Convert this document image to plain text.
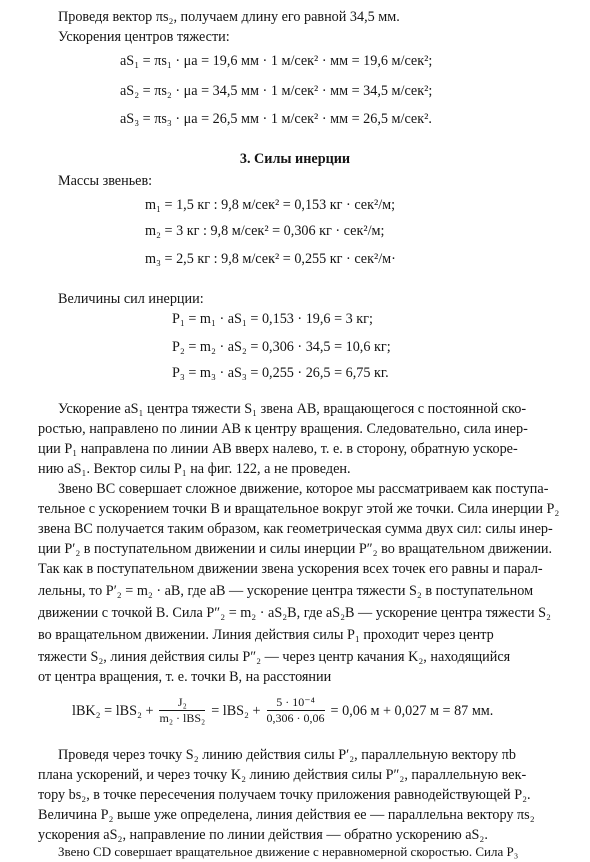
Проведя вектор πs₂, получаем длину его равной 34,5 мм.
Ускорения центров тяжести:
aS₁ = πs₁ · μa = 19,6 мм · 1 м/сек² · мм = 19,6 м/сек²;
aS₂ = πs₂ · μa = 34,5 мм · 1 м/сек² · мм = 34,5 м/сек²;
aS₃ = πs₃ · μa = 26,5 мм · 1 м/сек² · мм = 26,5 м/сек².
3. Силы инерции
Массы звеньев:
m₁ = 1,5 кг : 9,8 м/сек² = 0,153 кг · сек²/м;
m₂ = 3 кг : 9,8 м/сек² = 0,306 кг · сек²/м;
m₃ = 2,5 кг : 9,8 м/сек² = 0,255 кг · сек²/м·
Величины сил инерции:
P₁ = m₁ · aS₁ = 0,153 · 19,6 = 3 кг;
P₂ = m₂ · aS₂ = 0,306 · 34,5 = 10,6 кг;
P₃ = m₃ · aS₃ = 0,255 · 26,5 = 6,75 кг.
Ускорение aS₁ центра тяжести S₁ звена AB, вращающегося с постоянной ско-
ростью, направлено по линии AB к центру вращения. Следовательно, сила инер-
ции P₁ направлена по линии AB вверх налево, т. е. в сторону, обратную ускоре-
нию aS₁. Вектор силы P₁ на фиг. 122, а не проведен.
Звено BC совершает сложное движение, которое мы рассматриваем как поступа-
тельное с ускорением точки B и вращательное вокруг этой же точки. Сила инерции P₂
звена BC получается таким образом, как геометрическая сумма двух сил: силы инер-
ции P′₂ в поступательном движении и силы инерции P″₂ во вращательном движении.
Так как в поступательном движении звена ускорения всех точек его равны и парал-
лельны, то P′₂ = m₂ · aB, где aB — ускорение центра тяжести S₂ в поступательном
движении с точкой B. Сила P″₂ = m₂ · aS₂B, где aS₂B — ускорение центра тяжести S₂
во вращательном движении. Линия действия силы P₁ проходит через центр
тяжести S₂, линия действия силы P″₂ — через центр качания K₂, находящийся
от центра вращения, т. е. точки B, на расстоянии
lBK₂ = lBS₂ +
J₂
$m_2 \cdot lBS_2 = lBS_2 + \frac{\text{5 · 10⁻⁴}}{0,306 \cdot 0,06} = 0,06$ м + 0,027 м = 87 мм.
Проведя через точку S₂ линию действия силы P′₂, параллельную вектору πb
плана ускорений, и через точку K₂ линию действия силы P″₂, параллельную век-
тору bs₂, в точке пересечения получаем точку приложения равнодействующей P₂.
Величина P₂ выше уже определена, линия действия ее — параллельна вектору πs₂
ускорения aS₂, направление по линии действия — обратно ускорению aS₂.
Звено CD совершает вращательное движение с неравномерной скоростью. Сила P₃
